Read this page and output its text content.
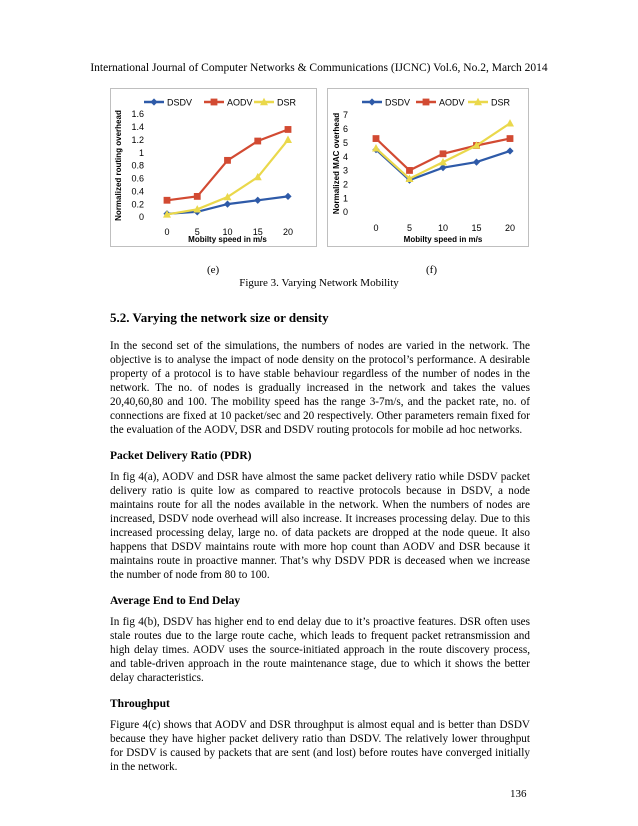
International Journal of Computer Networks & Communications (IJCNC) Vol.6, No.2, March 2014
DSDV	AODV	DSR
0
0.2
0.4
0.6
0.8
1
1.2
1.4
1.6
0	5	10 15 20
Mobilty speed in m/s
Normalized routing overhead
DSDV	AODV	DSR
0
1
2
3
4
5
6
7
0	5	10	15	20
Mobilty speed in m/s
Normalized MAC overhead
(e)	(f)
Figure 3. Varying Network Mobility
5.2. Varying the network size or density

In the second set of the simulations, the numbers of nodes are varied in the network. The objective is to analyse the impact of node density on the protocol’s performance. A desirable property of a protocol is to have stable behaviour regardless of the number of nodes in the network. The no. of nodes is gradually increased in the network and takes the values 20,40,60,80 and 100. The mobility speed has the range 3-7m/s, and the packet rate, no. of connections are fixed at 10 packet/sec and 20 respectively. Other parameters remain fixed for the evaluation of the AODV, DSR and DSDV routing protocols for mobile ad hoc networks.

Packet Delivery Ratio (PDR)

In fig 4(a), AODV and DSR have almost the same packet delivery ratio while DSDV packet delivery ratio is quite low as compared to reactive protocols because in DSDV, a node maintains route for all the nodes available in the network. When the numbers of nodes are increased, DSDV node overhead will also increase. It increases processing delay. Due to this increased processing delay, large no. of data packets are dropped at the node queue. It also happens that DSDV maintains route with more hop count than AODV and DSR because it maintains route in proactive manner. That’s why DSDV PDR is deceased when we increase the number of node from 80 to 100.

Average End to End Delay

In fig 4(b), DSDV has higher end to end delay due to it’s proactive features. DSR often uses stale routes due to the large route cache, which leads to frequent packet retransmission and high delay times. AODV uses the source-initiated approach in the route discovery process, and table-driven approach in the route maintenance stage, due to which it shows the better delay characteristics.

Throughput

Figure 4(c) shows that AODV and DSR throughput is almost equal and is better than DSDV because they have higher packet delivery ratio than DSDV. The relatively lower throughput for DSDV is caused by packets that are sent (and lost) before routes have converged initially in the network.

136
